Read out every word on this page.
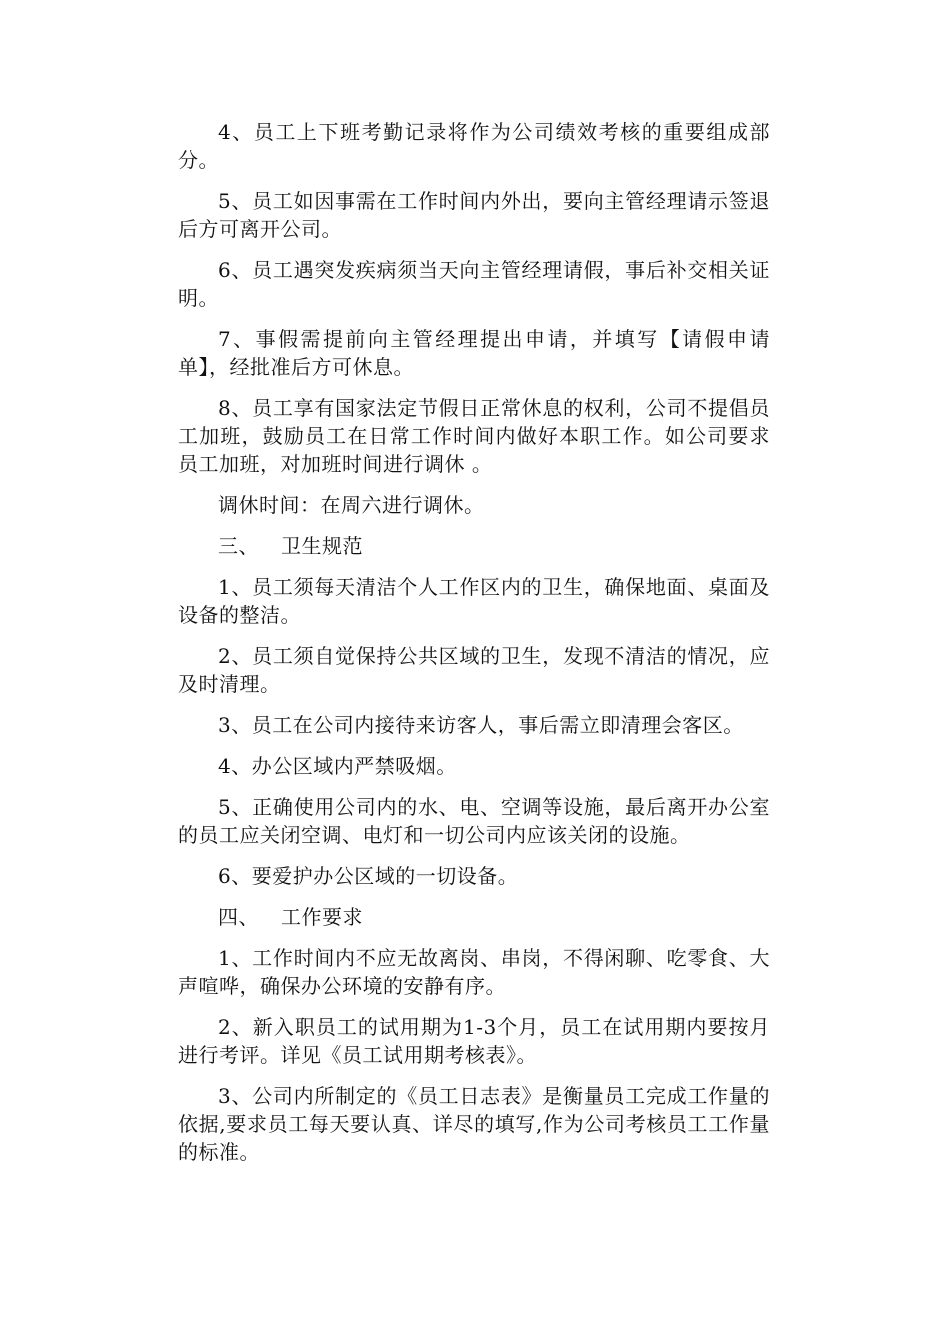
4、员工上下班考勤记录将作为公司绩效考核的重要组成部分。

5、员工如因事需在工作时间内外出，要向主管经理请示签退后方可离开公司。

6、员工遇突发疾病须当天向主管经理请假，事后补交相关证明。

7、事假需提前向主管经理提出申请，并填写【请假申请单】，经批准后方可休息。

8、员工享有国家法定节假日正常休息的权利，公司不提倡员工加班，鼓励员工在日常工作时间内做好本职工作。如公司要求员工加班，对加班时间进行调休 。

调休时间：在周六进行调休。

三、 卫生规范

1、员工须每天清洁个人工作区内的卫生，确保地面、桌面及设备的整洁。

2、员工须自觉保持公共区域的卫生，发现不清洁的情况，应及时清理。

3、员工在公司内接待来访客人，事后需立即清理会客区。

4、办公区域内严禁吸烟。

5、正确使用公司内的水、电、空调等设施，最后离开办公室的员工应关闭空调、电灯和一切公司内应该关闭的设施。

6、要爱护办公区域的一切设备。

四、 工作要求

1、工作时间内不应无故离岗、串岗，不得闲聊、吃零食、大声喧哗，确保办公环境的安静有序。

2、新入职员工的试用期为1-3个月，员工在试用期内要按月进行考评。详见《员工试用期考核表》。

3、公司内所制定的《员工日志表》是衡量员工完成工作量的依据,要求员工每天要认真、详尽的填写,作为公司考核员工工作量的标准。
